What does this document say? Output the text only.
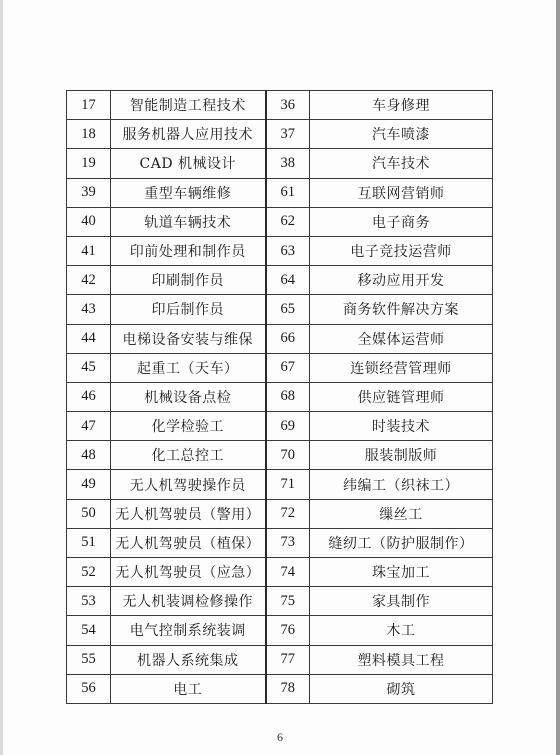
17	智能制造工程技术	36	车身修理
18	服务机器人应用技术	37	汽车喷漆
19	CAD 机械设计	38	汽车技术
39	重型车辆维修	61	互联网营销师
40	轨道车辆技术	62	电子商务
41	印前处理和制作员	63	电子竞技运营师
42	印刷制作员	64	移动应用开发
43	印后制作员	65	商务软件解决方案
44	电梯设备安装与维保	66	全媒体运营师
45	起重工（天车）	67	连锁经营管理师
46	机械设备点检	68	供应链管理师
47	化学检验工	69	时装技术
48	化工总控工	70	服装制版师
49	无人机驾驶操作员	71	纬编工（织袜工）
50	无人机驾驶员（警用）	72	缫丝工
51	无人机驾驶员（植保）	73	缝纫工（防护服制作）
52	无人机驾驶员（应急）	74	珠宝加工
53	无人机装调检修操作	75	家具制作
54	电气控制系统装调	76	木工
55	机器人系统集成	77	塑料模具工程
56	电工	78	砌筑
6
